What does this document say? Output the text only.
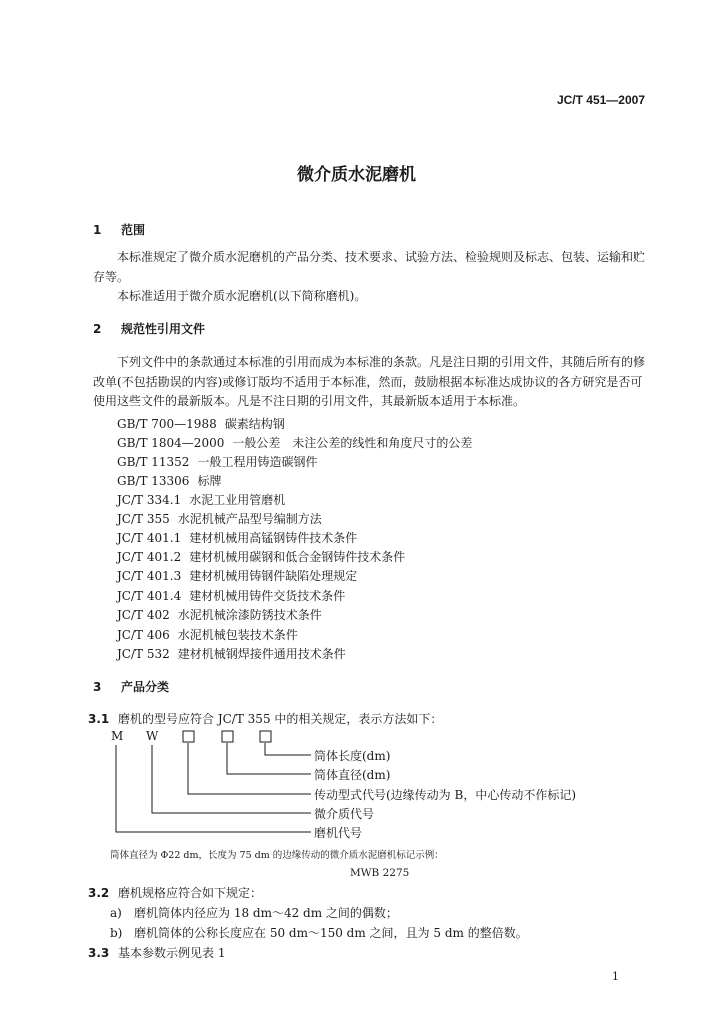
JC/T 451—2007
微介质水泥磨机
1 范围
本标准规定了微介质水泥磨机的产品分类、技术要求、试验方法、检验规则及标志、包装、运输和贮存等。
本标准适用于微介质水泥磨机(以下简称磨机)。
2 规范性引用文件
下列文件中的条款通过本标准的引用而成为本标准的条款。凡是注日期的引用文件，其随后所有的修改单(不包括勘误的内容)或修订版均不适用于本标准，然而，鼓励根据本标准达成协议的各方研究是否可使用这些文件的最新版本。凡是不注日期的引用文件，其最新版本适用于本标准。
GB/T 700—1988 碳素结构钢
GB/T 1804—2000 一般公差　未注公差的线性和角度尺寸的公差
GB/T 11352 一般工程用铸造碳钢件
GB/T 13306 标牌
JC/T 334.1 水泥工业用管磨机
JC/T 355 水泥机械产品型号编制方法
JC/T 401.1 建材机械用高锰钢铸件技术条件
JC/T 401.2 建材机械用碳钢和低合金钢铸件技术条件
JC/T 401.3 建材机械用铸钢件缺陷处理规定
JC/T 401.4 建材机械用铸件交货技术条件
JC/T 402 水泥机械涂漆防锈技术条件
JC/T 406 水泥机械包装技术条件
JC/T 532 建材机械钢焊接件通用技术条件
3 产品分类
3.1 磨机的型号应符合 JC/T 355 中的相关规定，表示方法如下：
M W
筒体长度(dm)
筒体直径(dm)
传动型式代号(边缘传动为 B，中心传动不作标记)
微介质代号
磨机代号
筒体直径为 Φ22 dm，长度为 75 dm 的边缘传动的微介质水泥磨机标记示例：
MWB 2275
3.2 磨机规格应符合如下规定：
a) 磨机筒体内径应为 18 dm～42 dm 之间的偶数；
b) 磨机筒体的公称长度应在 50 dm～150 dm 之间，且为 5 dm 的整倍数。
3.3 基本参数示例见表 1
1
